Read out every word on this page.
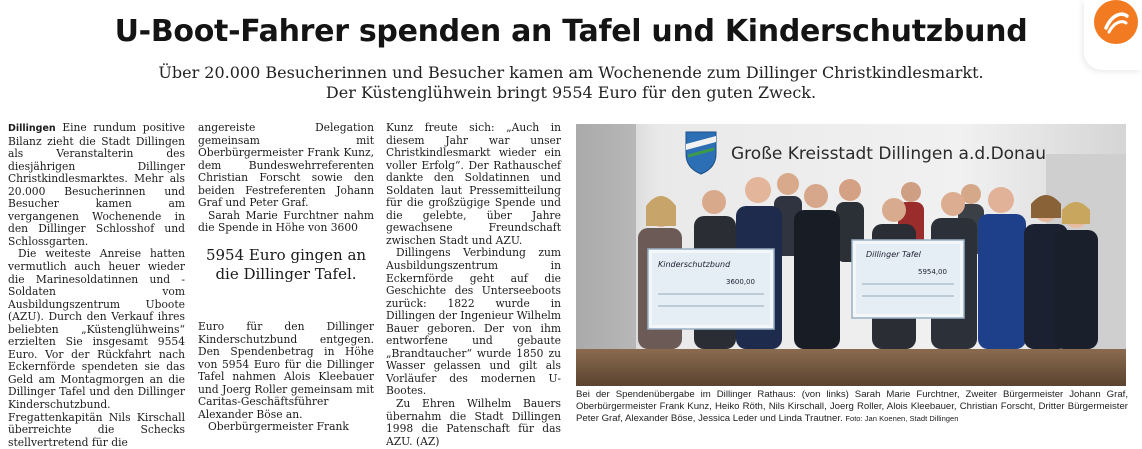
U-Boot-Fahrer spenden an Tafel und Kinderschutzbund
Über 20.000 Besucherinnen und Besucher kamen am Wochenende zum Dillinger Christkindlesmarkt.
Der Küstenglühwein bringt 9554 Euro für den guten Zweck.

Dillingen Eine rundum positive Bilanz zieht die Stadt Dillingen als Veranstalterin des diesjährigen Dillinger Christkindlesmarktes. Mehr als 20.000 Besucherinnen und Besucher kamen am vergangenen Wochenende in den Dillinger Schlosshof und Schlossgarten.

Die weiteste Anreise hatten vermutlich auch heuer wieder die Marinesoldatinnen und -Soldaten vom Ausbildungszentrum Uboote (AZU). Durch den Verkauf ihres beliebten „Küstenglühweins“ erzielten Sie insgesamt 9554 Euro. Vor der Rückfahrt nach Eckernförde spendeten sie das Geld am Montagmorgen an die Dillinger Tafel und den Dillinger Kinderschutzbund. Fregattenkapitän Nils Kirschall überreichte die Schecks stellvertretend für die

angereiste Delegation gemeinsam mit Oberbürgermeister Frank Kunz, dem Bundeswehrreferenten Christian Forscht sowie den beiden Festreferenten Johann Graf und Peter Graf.

Sarah Marie Furchtner nahm die Spende in Höhe von 3600

5954 Euro gingen an die Dillinger Tafel.

Euro für den Dillinger Kinderschutzbund entgegen. Den Spendenbetrag in Höhe von 5954 Euro für die Dillinger Tafel nahmen Alois Kleebauer und Joerg Roller gemeinsam mit Caritas-Geschäftsführer Alexander Böse an.

Oberbürgermeister Frank

Kunz freute sich: „Auch in diesem Jahr war unser Christkindlesmarkt wieder ein voller Erfolg“. Der Rathauschef dankte den Soldatinnen und Soldaten laut Pressemitteilung für die großzügige Spende und die gelebte, über Jahre gewachsene Freundschaft zwischen Stadt und AZU.

Dillingens Verbindung zum Ausbildungszentrum in Eckernförde geht auf die Geschichte des Unterseeboots zurück: 1822 wurde in Dillingen der Ingenieur Wilhelm Bauer geboren. Der von ihm entworfene und gebaute „Brandtaucher“ wurde 1850 zu Wasser gelassen und gilt als Vorläufer des modernen U-Bootes.

Zu Ehren Wilhelm Bauers übernahm die Stadt Dillingen 1998 die Patenschaft für das AZU. (AZ)

Große Kreisstadt Dillingen a.d.Donau
Kinderschutzbund
3600,00
Dillinger Tafel
5954,00
Bei der Spendenübergabe im Dillinger Rathaus: (von links) Sarah Marie Furchtner, Zweiter Bürgermeister Johann Graf, Oberbürgermeister Frank Kunz, Heiko Röth, Nils Kirschall, Joerg Roller, Alois Kleebauer, Christian Forscht, Dritter Bürgermeister Peter Graf, Alexander Böse, Jessica Leder und Linda Trautner. Foto: Jan Koenen, Stadt Dillingen
